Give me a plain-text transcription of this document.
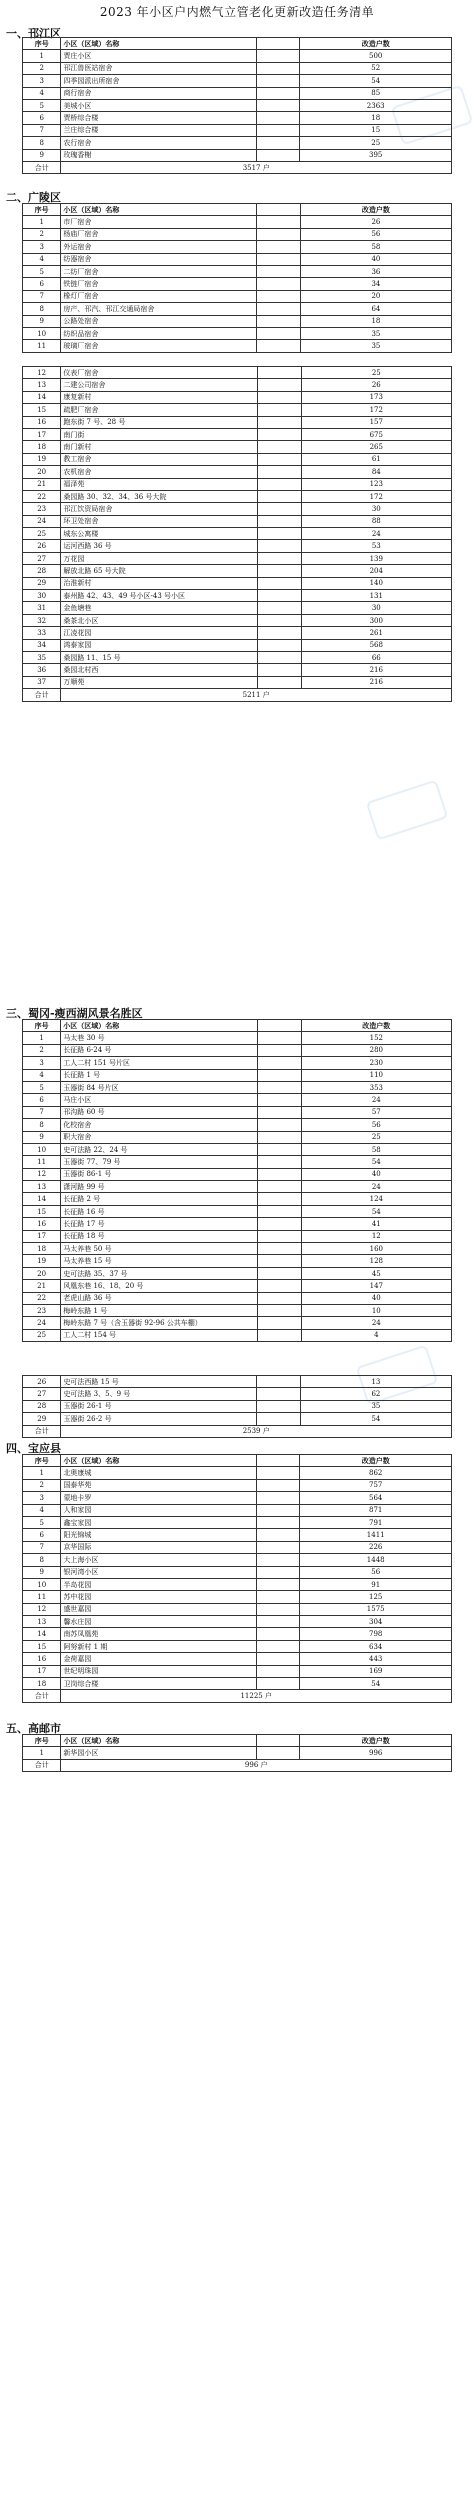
2023 年小区户内燃气立管老化更新改造任务清单
一、邗江区
序号	小区（区域）名称		改造户数
1	贾庄小区		500
2	邗江兽医站宿舍		52
3	四季园派出所宿舍		54
4	商行宿舍		85
5	美城小区		2363
6	贾桥综合楼		18
7	兰庄综合楼		15
8	农行宿舍		25
9	玫瑰香榭		395
合计	3517 户		
二、广陵区
序号	小区（区域）名称		改造户数
1	市厂宿舍		26
2	杨庙厂宿舍		56
3	外运宿舍		58
4	纺器宿舍		40
5	二纺厂宿舍		36
6	铁链厂宿舍		34
7	橡灯厂宿舍		20
8	房产、邗汽、邗江交通局宿舍		64
9	公路处宿舍		18
10	纺织品宿舍		35
11	玻璃厂宿舍		35
12	仪表厂宿舍		25
13	二建公司宿舍		26
14	康复新村		173
15	疏肥厂宿舍		172
16	跑东街 7 号、28 号		157
17	南门街		675
18	南门新村		265
19	教工宿舍		61
20	农机宿舍		84
21	福泽苑		123
22	桑园路 30、32、34、36 号大院		172
23	邗江饮资局宿舍		30
24	环卫处宿舍		88
25	城东公寓楼		24
26	运河西路 36 号		53
27	万花园		139
28	解放北路 65 号大院		204
29	治淮新村		140
30	泰州路 42、43、49 号小区-43 号小区		131
31	金鱼塘巷		30
32	桑茶北小区		300
33	江凌花园		261
34	鸿泰家园		568
35	桑园路 11、15 号		66
36	桑园北村西		216
37	万顺苑		216
合计	5211 户		
三、蜀冈-瘦西湖风景名胜区
序号	小区（区域）名称		改造户数
1	马太巷 30 号		152
2	长征路 6-24 号		280
3	工人二村 151 号片区		230
4	长征路 1 号		110
5	玉器街 84 号片区		353
6	马庄小区		24
7	邗沟路 60 号		57
8	化校宿舍		56
9	职大宿舍		25
10	史可法路 22、24 号		58
11	玉器街 77、79 号		54
12	玉器街 86-1 号		40
13	潇河路 99 号		24
14	长征路 2 号		124
15	长征路 16 号		54
16	长征路 17 号		41
17	长征路 18 号		12
18	马太养巷 50 号		160
19	马太养巷 15 号		128
20	史可法路 35、37 号		45
21	风凰东巷 16、18、20 号		147
22	老虎山路 36 号		40
23	梅岭东路 1 号		10
24	梅岭东路 7 号（含玉器街 92-96 公共车棚）		24
25	工人二村 154 号		4
26	史可法西路 15 号		13
27	史可法路 3、5、9 号		62
28	玉器街 26-1 号		35
29	玉器街 26-2 号		54
合计	2539 户		
四、宝应县
序号	小区（区域）名称		改造户数
1	北奥康城		862
2	国泰华苑		757
3	蒙地卡罗		564
4	人和家园		871
5	鑫宝家园		791
6	阳光锦城		1411
7	京华国际		226
8	大上海小区		1448
9	银河湾小区		56
10	半岛花园		91
11	苏中花园		125
12	盛世嘉园		1575
13	馨水庄园		304
14	南苏凤凰苑		798
15	阿努新村 1 期		634
16	金荷嘉园		443
17	世纪明珠园		169
18	卫岗综合楼		54
合计	11225 户		
五、高邮市
序号	小区（区域）名称		改造户数
1	新华园小区		996
合计	996 户		
